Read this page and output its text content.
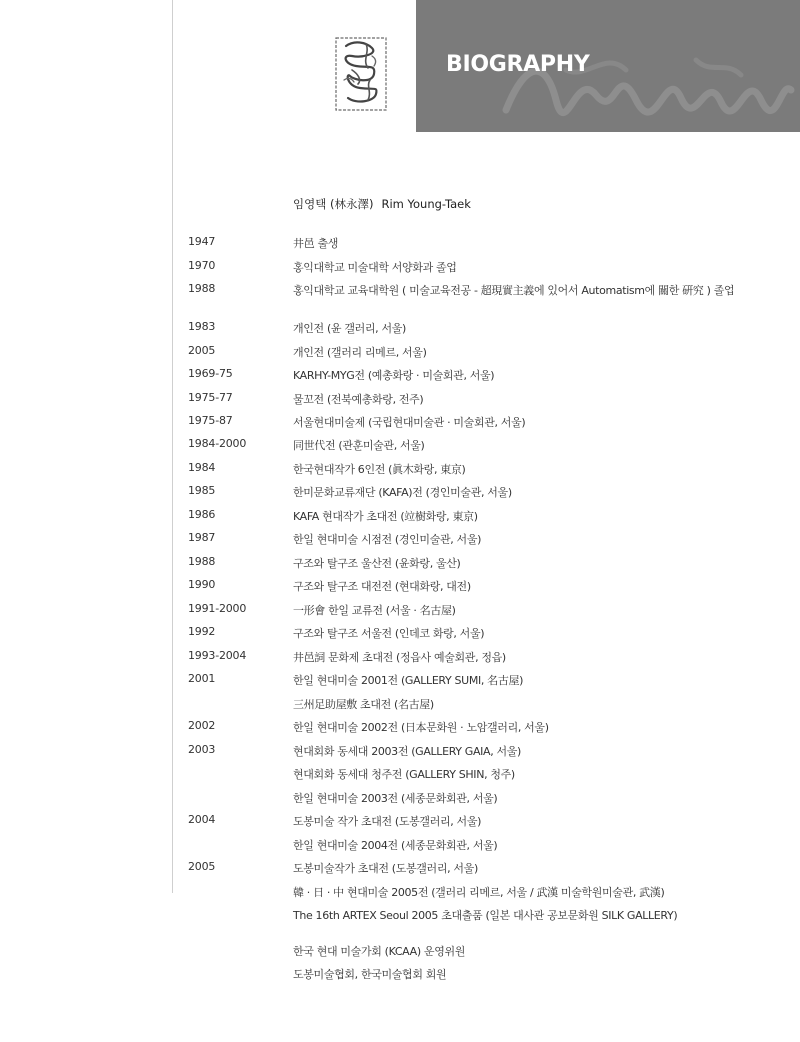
BIOGRAPHY
임영택 (林永澤) Rim Young-Taek
1947	井邑 출생
1970	홍익대학교 미술대학 서양화과 졸업
1988	홍익대학교 교육대학원 ( 미술교육전공 - 超現實主義에 있어서 Automatism에 關한 硏究 ) 졸업
1983	개인전 (윤 갤러리, 서울)
2005	개인전 (갤러리 리메르, 서울)
1969-75	KARHY-MYG전 (예총화랑 · 미술회관, 서울)
1975-77	물꼬전 (전북예총화랑, 전주)
1975-87	서울현대미술제 (국립현대미술관 · 미술회관, 서울)
1984-2000	同世代전 (관훈미술관, 서울)
1984	한국현대작가 6인전 (眞木화랑, 東京)
1985	한미문화교류재단 (KAFA)전 (경인미술관, 서울)
1986	KAFA 현대작가 초대전 (竝樹화랑, 東京)
1987	한일 현대미술 시점전 (경인미술관, 서울)
1988	구조와 탈구조 울산전 (윤화랑, 울산)
1990	구조와 탈구조 대전전 (현대화랑, 대전)
1991-2000	一形會 한일 교류전 (서울 · 名古屋)
1992	구조와 탈구조 서울전 (인데코 화랑, 서울)
1993-2004	井邑詞 문화제 초대전 (정읍사 예술회관, 정읍)
2001	한일 현대미술 2001전 (GALLERY SUMI, 名古屋)
三州足助屋敷 초대전 (名古屋)
2002	한일 현대미술 2002전 (日本문화원 · 노암갤러리, 서울)
2003	현대회화 동세대 2003전 (GALLERY GAIA, 서울)
현대회화 동세대 청주전 (GALLERY SHIN, 청주)
한일 현대미술 2003전 (세종문화회관, 서울)
2004	도봉미술 작가 초대전 (도봉갤러리, 서울)
한일 현대미술 2004전 (세종문화회관, 서울)
2005	도봉미술작가 초대전 (도봉갤러리, 서울)
韓 · 日 · 中 현대미술 2005전 (갤러리 리메르, 서울 / 武漢 미술학원미술관, 武漢)
The 16th ARTEX Seoul 2005 초대출품 (일본 대사관 공보문화원 SILK GALLERY)
한국 현대 미술가회 (KCAA) 운영위원
도봉미술협회, 한국미술협회 회원
